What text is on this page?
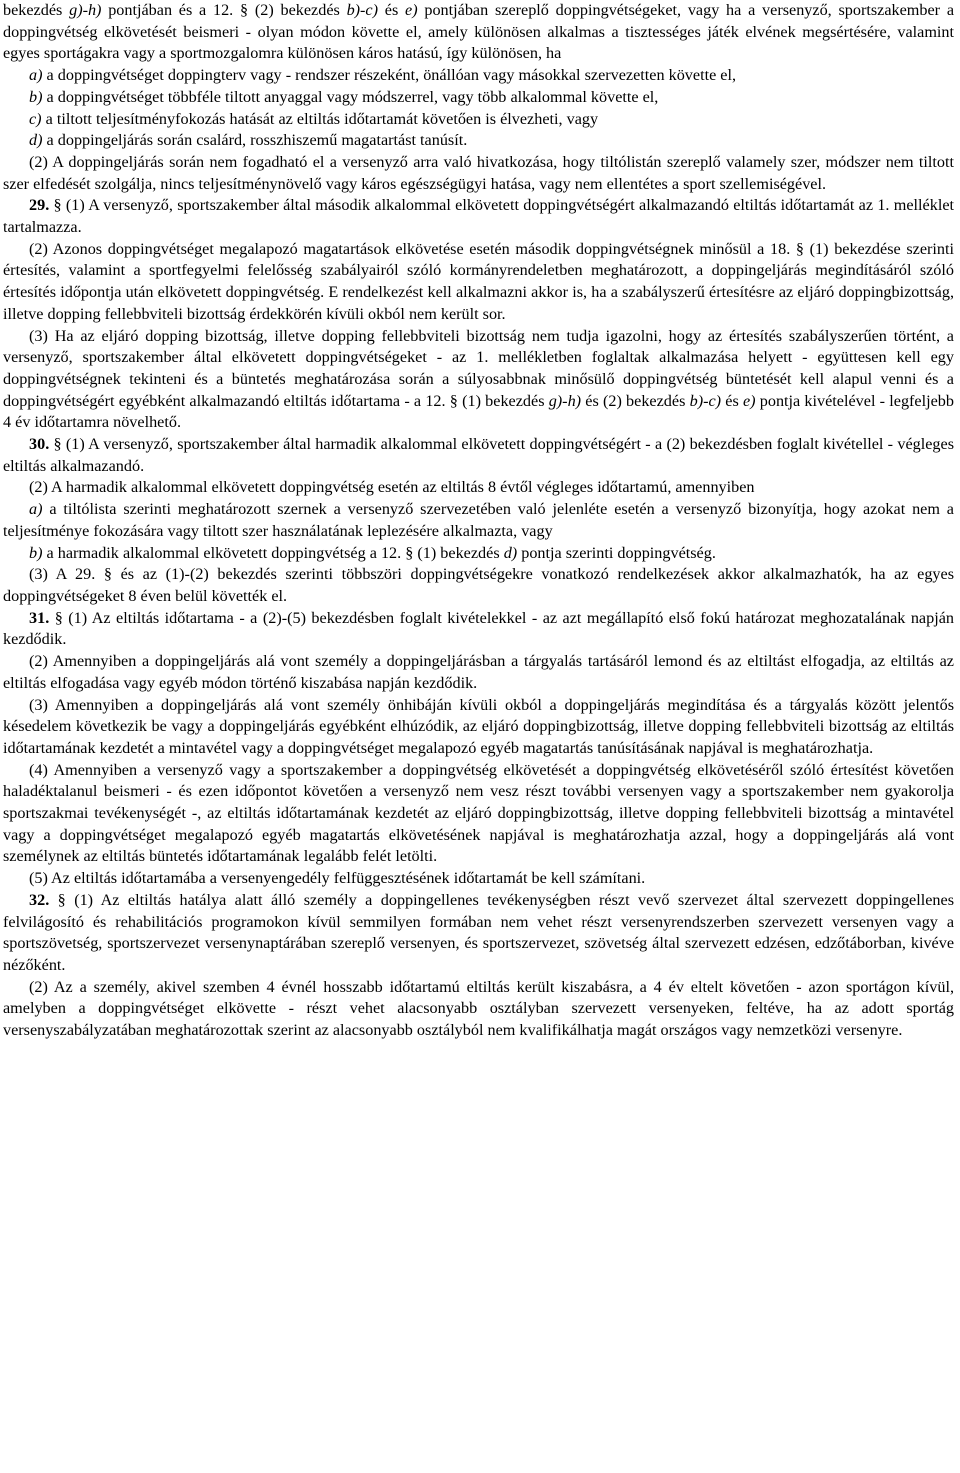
bekezdés g)-h) pontjában és a 12. § (2) bekezdés b)-c) és e) pontjában szereplő doppingvétségeket, vagy ha a versenyző, sportszakember a doppingvétség elkövetését beismeri - olyan módon követte el, amely különösen alkalmas a tisztességes játék elvének megsértésére, valamint egyes sportágakra vagy a sportmozgalomra különösen káros hatású, így különösen, ha

a) a doppingvétséget doppingterv vagy - rendszer részeként, önállóan vagy másokkal szervezetten követte el,

b) a doppingvétséget többféle tiltott anyaggal vagy módszerrel, vagy több alkalommal követte el,

c) a tiltott teljesítményfokozás hatását az eltiltás időtartamát követően is élvezheti, vagy

d) a doppingeljárás során csalárd, rosszhiszemű magatartást tanúsít.

(2) A doppingeljárás során nem fogadható el a versenyző arra való hivatkozása, hogy tiltólistán szereplő valamely szer, módszer nem tiltott szer elfedését szolgálja, nincs teljesítménynövelő vagy káros egészségügyi hatása, vagy nem ellentétes a sport szellemiségével.

29. § (1) A versenyző, sportszakember által második alkalommal elkövetett doppingvétségért alkalmazandó eltiltás időtartamát az 1. melléklet tartalmazza.

(2) Azonos doppingvétséget megalapozó magatartások elkövetése esetén második doppingvétségnek minősül a 18. § (1) bekezdése szerinti értesítés, valamint a sportfegyelmi felelősség szabályairól szóló kormányrendeletben meghatározott, a doppingeljárás megindításáról szóló értesítés időpontja után elkövetett doppingvétség. E rendelkezést kell alkalmazni akkor is, ha a szabályszerű értesítésre az eljáró doppingbizottság, illetve dopping fellebbviteli bizottság érdekkörén kívüli okból nem került sor.

(3) Ha az eljáró dopping bizottság, illetve dopping fellebbviteli bizottság nem tudja igazolni, hogy az értesítés szabályszerűen történt, a versenyző, sportszakember által elkövetett doppingvétségeket - az 1. mellékletben foglaltak alkalmazása helyett - együttesen kell egy doppingvétségnek tekinteni és a büntetés meghatározása során a súlyosabbnak minősülő doppingvétség büntetését kell alapul venni és a doppingvétségért egyébként alkalmazandó eltiltás időtartama - a 12. § (1) bekezdés g)-h) és (2) bekezdés b)-c) és e) pontja kivételével - legfeljebb 4 év időtartamra növelhető.

30. § (1) A versenyző, sportszakember által harmadik alkalommal elkövetett doppingvétségért - a (2) bekezdésben foglalt kivétellel - végleges eltiltás alkalmazandó.

(2) A harmadik alkalommal elkövetett doppingvétség esetén az eltiltás 8 évtől végleges időtartamú, amennyiben

a) a tiltólista szerinti meghatározott szernek a versenyző szervezetében való jelenléte esetén a versenyző bizonyítja, hogy azokat nem a teljesítménye fokozására vagy tiltott szer használatának leplezésére alkalmazta, vagy

b) a harmadik alkalommal elkövetett doppingvétség a 12. § (1) bekezdés d) pontja szerinti doppingvétség.

(3) A 29. § és az (1)-(2) bekezdés szerinti többszöri doppingvétségekre vonatkozó rendelkezések akkor alkalmazhatók, ha az egyes doppingvétségeket 8 éven belül követték el.

31. § (1) Az eltiltás időtartama - a (2)-(5) bekezdésben foglalt kivételekkel - az azt megállapító első fokú határozat meghozatalának napján kezdődik.

(2) Amennyiben a doppingeljárás alá vont személy a doppingeljárásban a tárgyalás tartásáról lemond és az eltiltást elfogadja, az eltiltás az eltiltás elfogadása vagy egyéb módon történő kiszabása napján kezdődik.

(3) Amennyiben a doppingeljárás alá vont személy önhibáján kívüli okból a doppingeljárás megindítása és a tárgyalás között jelentős késedelem következik be vagy a doppingeljárás egyébként elhúzódik, az eljáró doppingbizottság, illetve dopping fellebbviteli bizottság az eltiltás időtartamának kezdetét a mintavétel vagy a doppingvétséget megalapozó egyéb magatartás tanúsításának napjával is meghatározhatja.

(4) Amennyiben a versenyző vagy a sportszakember a doppingvétség elkövetését a doppingvétség elkövetéséről szóló értesítést követően haladéktalanul beismeri - és ezen időpontot követően a versenyző nem vesz részt további versenyen vagy a sportszakember nem gyakorolja sportszakmai tevékenységét -, az eltiltás időtartamának kezdetét az eljáró doppingbizottság, illetve dopping fellebbviteli bizottság a mintavétel vagy a doppingvétséget megalapozó egyéb magatartás elkövetésének napjával is meghatározhatja azzal, hogy a doppingeljárás alá vont személynek az eltiltás büntetés időtartamának legalább felét letölti.

(5) Az eltiltás időtartamába a versenyengedély felfüggesztésének időtartamát be kell számítani.

32. § (1) Az eltiltás hatálya alatt álló személy a doppingellenes tevékenységben részt vevő szervezet által szervezett doppingellenes felvilágosító és rehabilitációs programokon kívül semmilyen formában nem vehet részt versenyrendszerben szervezett versenyen vagy a sportszövetség, sportszervezet versenynaptárában szereplő versenyen, és sportszervezet, szövetség által szervezett edzésen, edzőtáborban, kivéve nézőként.

(2) Az a személy, akivel szemben 4 évnél hosszabb időtartamú eltiltás került kiszabásra, a 4 év eltelt követően - azon sportágon kívül, amelyben a doppingvétséget elkövette - részt vehet alacsonyabb osztályban szervezett versenyeken, feltéve, ha az adott sportág versenyszabályzatában meghatározottak szerint az alacsonyabb osztályból nem kvalifikálhatja magát országos vagy nemzetközi versenyre.
